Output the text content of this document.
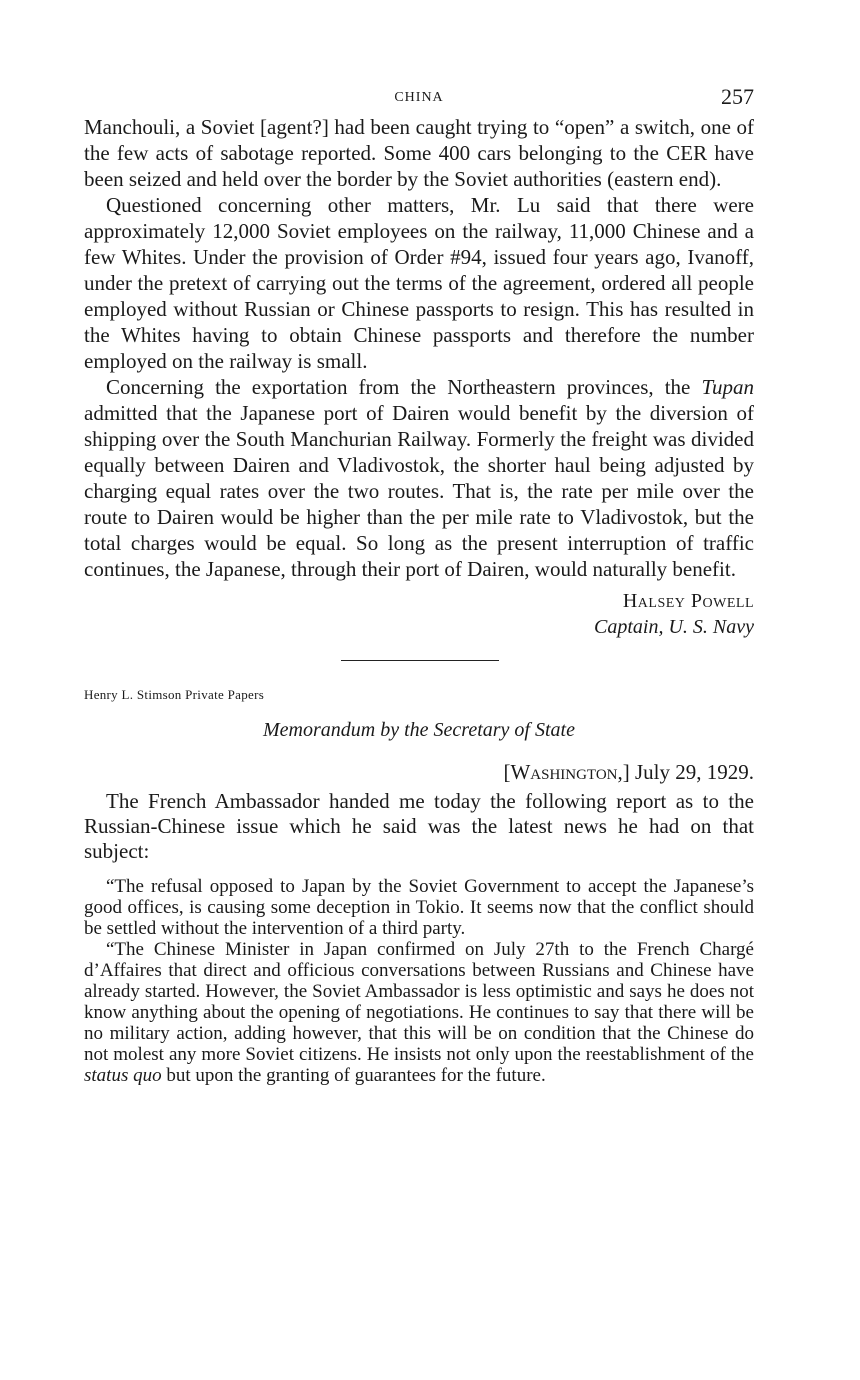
CHINA	257

Manchouli, a Soviet [agent?] had been caught trying to “open” a switch, one of the few acts of sabotage reported. Some 400 cars belonging to the CER have been seized and held over the border by the Soviet authorities (eastern end).

Questioned concerning other matters, Mr. Lu said that there were approximately 12,000 Soviet employees on the railway, 11,000 Chinese and a few Whites. Under the provision of Order #94, issued four years ago, Ivanoff, under the pretext of carrying out the terms of the agreement, ordered all people employed without Russian or Chinese passports to resign. This has resulted in the Whites having to obtain Chinese passports and therefore the number employed on the railway is small.

Concerning the exportation from the Northeastern provinces, the Tupan admitted that the Japanese port of Dairen would benefit by the diversion of shipping over the South Manchurian Railway. Formerly the freight was divided equally between Dairen and Vladivostok, the shorter haul being adjusted by charging equal rates over the two routes. That is, the rate per mile over the route to Dairen would be higher than the per mile rate to Vladivostok, but the total charges would be equal. So long as the present interruption of traffic continues, the Japanese, through their port of Dairen, would naturally benefit.

Halsey Powell
Captain, U. S. Navy
Henry L. Stimson Private Papers
Memorandum by the Secretary of State
[Washington,] July 29, 1929.

The French Ambassador handed me today the following report as to the Russian-Chinese issue which he said was the latest news he had on that subject:

“The refusal opposed to Japan by the Soviet Government to accept the Japanese’s good offices, is causing some deception in Tokio. It seems now that the conflict should be settled without the intervention of a third party.

“The Chinese Minister in Japan confirmed on July 27th to the French Chargé d’Affaires that direct and officious conversations between Russians and Chinese have already started. However, the Soviet Ambassador is less optimistic and says he does not know anything about the opening of negotiations. He continues to say that there will be no military action, adding however, that this will be on condition that the Chinese do not molest any more Soviet citizens. He insists not only upon the reestablishment of the status quo but upon the granting of guarantees for the future.
